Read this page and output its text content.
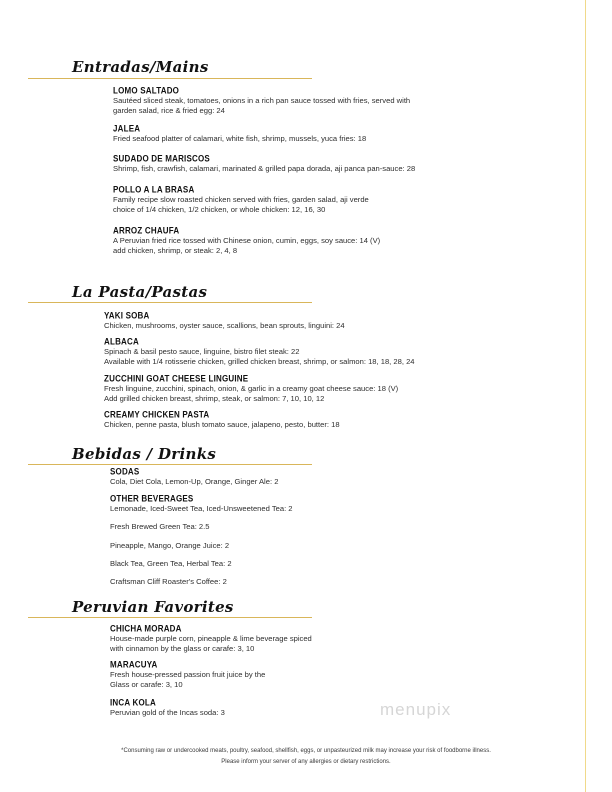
Entradas/Mains
LOMO SALTADO
Sautéed sliced steak, tomatoes, onions in a rich pan sauce tossed with fries, served with
garden salad, rice & fried egg: 24
JALEA
Fried seafood platter of calamari, white fish, shrimp, mussels, yuca fries: 18
SUDADO DE MARISCOS
Shrimp, fish, crawfish, calamari, marinated & grilled papa dorada, aji panca pan-sauce: 28
POLLO A LA BRASA
Family recipe slow roasted chicken served with fries, garden salad, aji verde
choice of 1/4 chicken, 1/2 chicken, or whole chicken: 12, 16, 30
ARROZ CHAUFA
A Peruvian fried rice tossed with Chinese onion, cumin, eggs, soy sauce: 14 (V)
add chicken, shrimp, or steak: 2, 4, 8
La Pasta/Pastas
YAKI SOBA
Chicken, mushrooms, oyster sauce, scallions, bean sprouts, linguini: 24
ALBACA
Spinach & basil pesto sauce, linguine, bistro filet steak: 22
Available with 1/4 rotisserie chicken, grilled chicken breast, shrimp, or salmon: 18, 18, 28, 24
ZUCCHINI GOAT CHEESE LINGUINE
Fresh linguine, zucchini, spinach, onion, & garlic in a creamy goat cheese sauce: 18 (V)
Add grilled chicken breast, shrimp, steak, or salmon: 7, 10, 10, 12
CREAMY CHICKEN PASTA
Chicken, penne pasta, blush tomato sauce, jalapeno, pesto, butter: 18
Bebidas / Drinks
SODAS
Cola, Diet Cola, Lemon-Up, Orange, Ginger Ale: 2
OTHER BEVERAGES
Lemonade, Iced-Sweet Tea, Iced-Unsweetened Tea: 2
Fresh Brewed Green Tea: 2.5
Pineapple, Mango, Orange Juice: 2
Black Tea, Green Tea, Herbal Tea: 2
Craftsman Cliff Roaster's Coffee: 2
Peruvian Favorites
CHICHA MORADA
House-made purple corn, pineapple & lime beverage spiced
with cinnamon by the glass or carafe: 3, 10
MARACUYA
Fresh house-pressed passion fruit juice by the
Glass or carafe: 3, 10
INCA KOLA
Peruvian gold of the Incas soda: 3	menupix
*Consuming raw or undercooked meats, poultry, seafood, shellfish, eggs, or unpasteurized milk may increase your risk of foodborne illness.
Please inform your server of any allergies or dietary restrictions.
